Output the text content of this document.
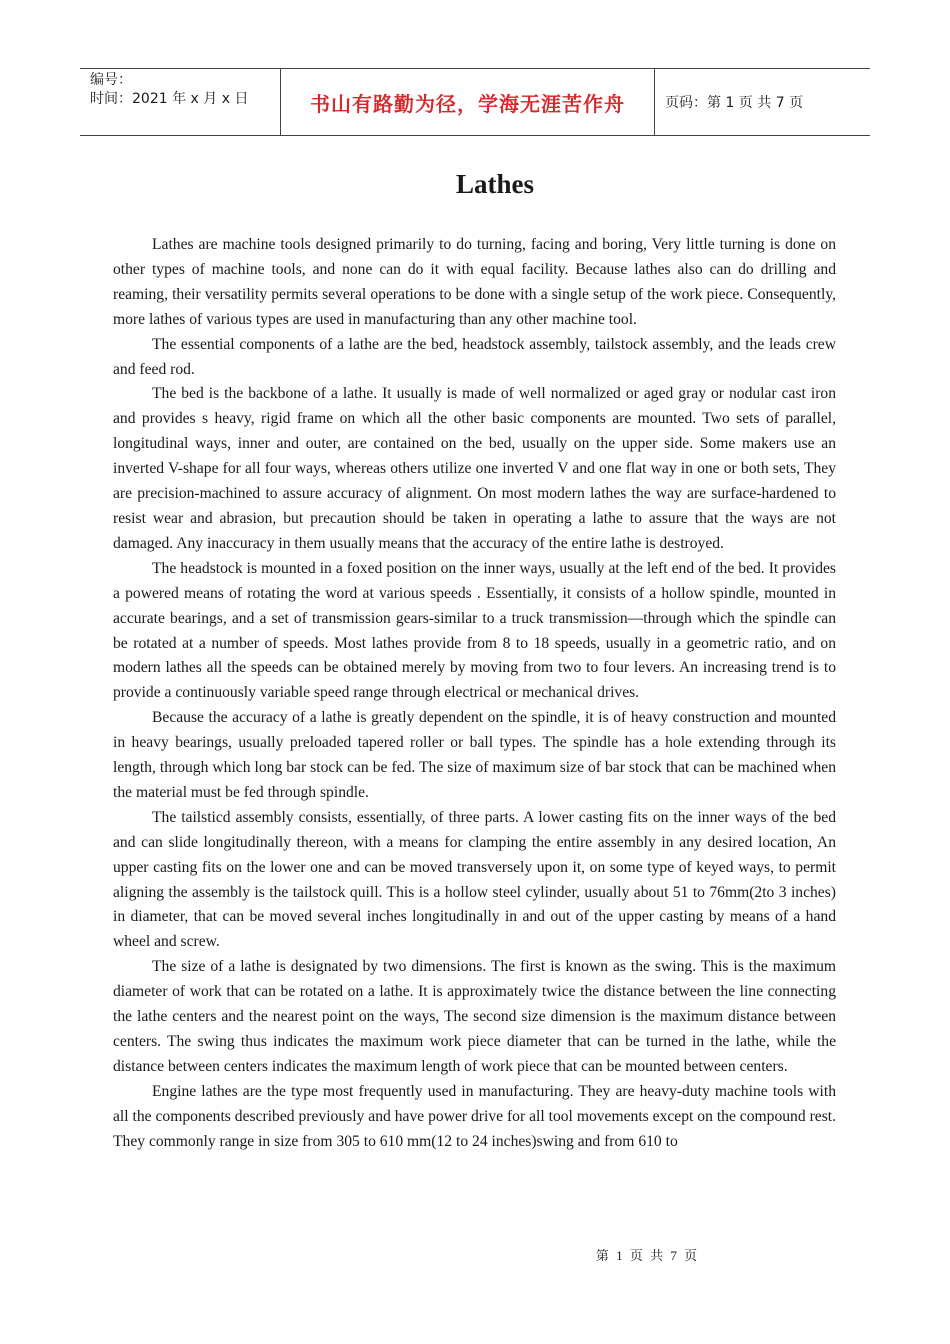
编号：
时间：2021 年 x 月 x 日	书山有路勤为径，学海无涯苦作舟	页码：第 1 页 共 7 页
Lathes

Lathes are machine tools designed primarily to do turning, facing and boring, Very little turning is done on other types of machine tools, and none can do it with equal facility. Because lathes also can do drilling and reaming, their versatility permits several operations to be done with a single setup of the work piece. Consequently, more lathes of various types are used in manufacturing than any other machine tool.

The essential components of a lathe are the bed, headstock assembly, tailstock assembly, and the leads crew and feed rod.

The bed is the backbone of a lathe. It usually is made of well normalized or aged gray or nodular cast iron and provides s heavy, rigid frame on which all the other basic components are mounted. Two sets of parallel, longitudinal ways, inner and outer, are contained on the bed, usually on the upper side. Some makers use an inverted V-shape for all four ways, whereas others utilize one inverted V and one flat way in one or both sets, They are precision-machined to assure accuracy of alignment. On most modern lathes the way are surface-hardened to resist wear and abrasion, but precaution should be taken in operating a lathe to assure that the ways are not damaged. Any inaccuracy in them usually means that the accuracy of the entire lathe is destroyed.

The headstock is mounted in a foxed position on the inner ways, usually at the left end of the bed. It provides a powered means of rotating the word at various speeds . Essentially, it consists of a hollow spindle, mounted in accurate bearings, and a set of transmission gears-similar to a truck transmission—through which the spindle can be rotated at a number of speeds. Most lathes provide from 8 to 18 speeds, usually in a geometric ratio, and on modern lathes all the speeds can be obtained merely by moving from two to four levers. An increasing trend is to provide a continuously variable speed range through electrical or mechanical drives.

Because the accuracy of a lathe is greatly dependent on the spindle, it is of heavy construction and mounted in heavy bearings, usually preloaded tapered roller or ball types. The spindle has a hole extending through its length, through which long bar stock can be fed. The size of maximum size of bar stock that can be machined when the material must be fed through spindle.

The tailsticd assembly consists, essentially, of three parts. A lower casting fits on the inner ways of the bed and can slide longitudinally thereon, with a means for clamping the entire assembly in any desired location, An upper casting fits on the lower one and can be moved transversely upon it, on some type of keyed ways, to permit aligning the assembly is the tailstock quill. This is a hollow steel cylinder, usually about 51 to 76mm(2to 3 inches) in diameter, that can be moved several inches longitudinally in and out of the upper casting by means of a hand wheel and screw.

The size of a lathe is designated by two dimensions. The first is known as the swing. This is the maximum diameter of work that can be rotated on a lathe. It is approximately twice the distance between the line connecting the lathe centers and the nearest point on the ways, The second size dimension is the maximum distance between centers. The swing thus indicates the maximum work piece diameter that can be turned in the lathe, while the distance between centers indicates the maximum length of work piece that can be mounted between centers.

Engine lathes are the type most frequently used in manufacturing. They are heavy-duty machine tools with all the components described previously and have power drive for all tool movements except on the compound rest. They commonly range in size from 305 to 610 mm(12 to 24 inches)swing and from 610 to

第 1 页 共 7 页
